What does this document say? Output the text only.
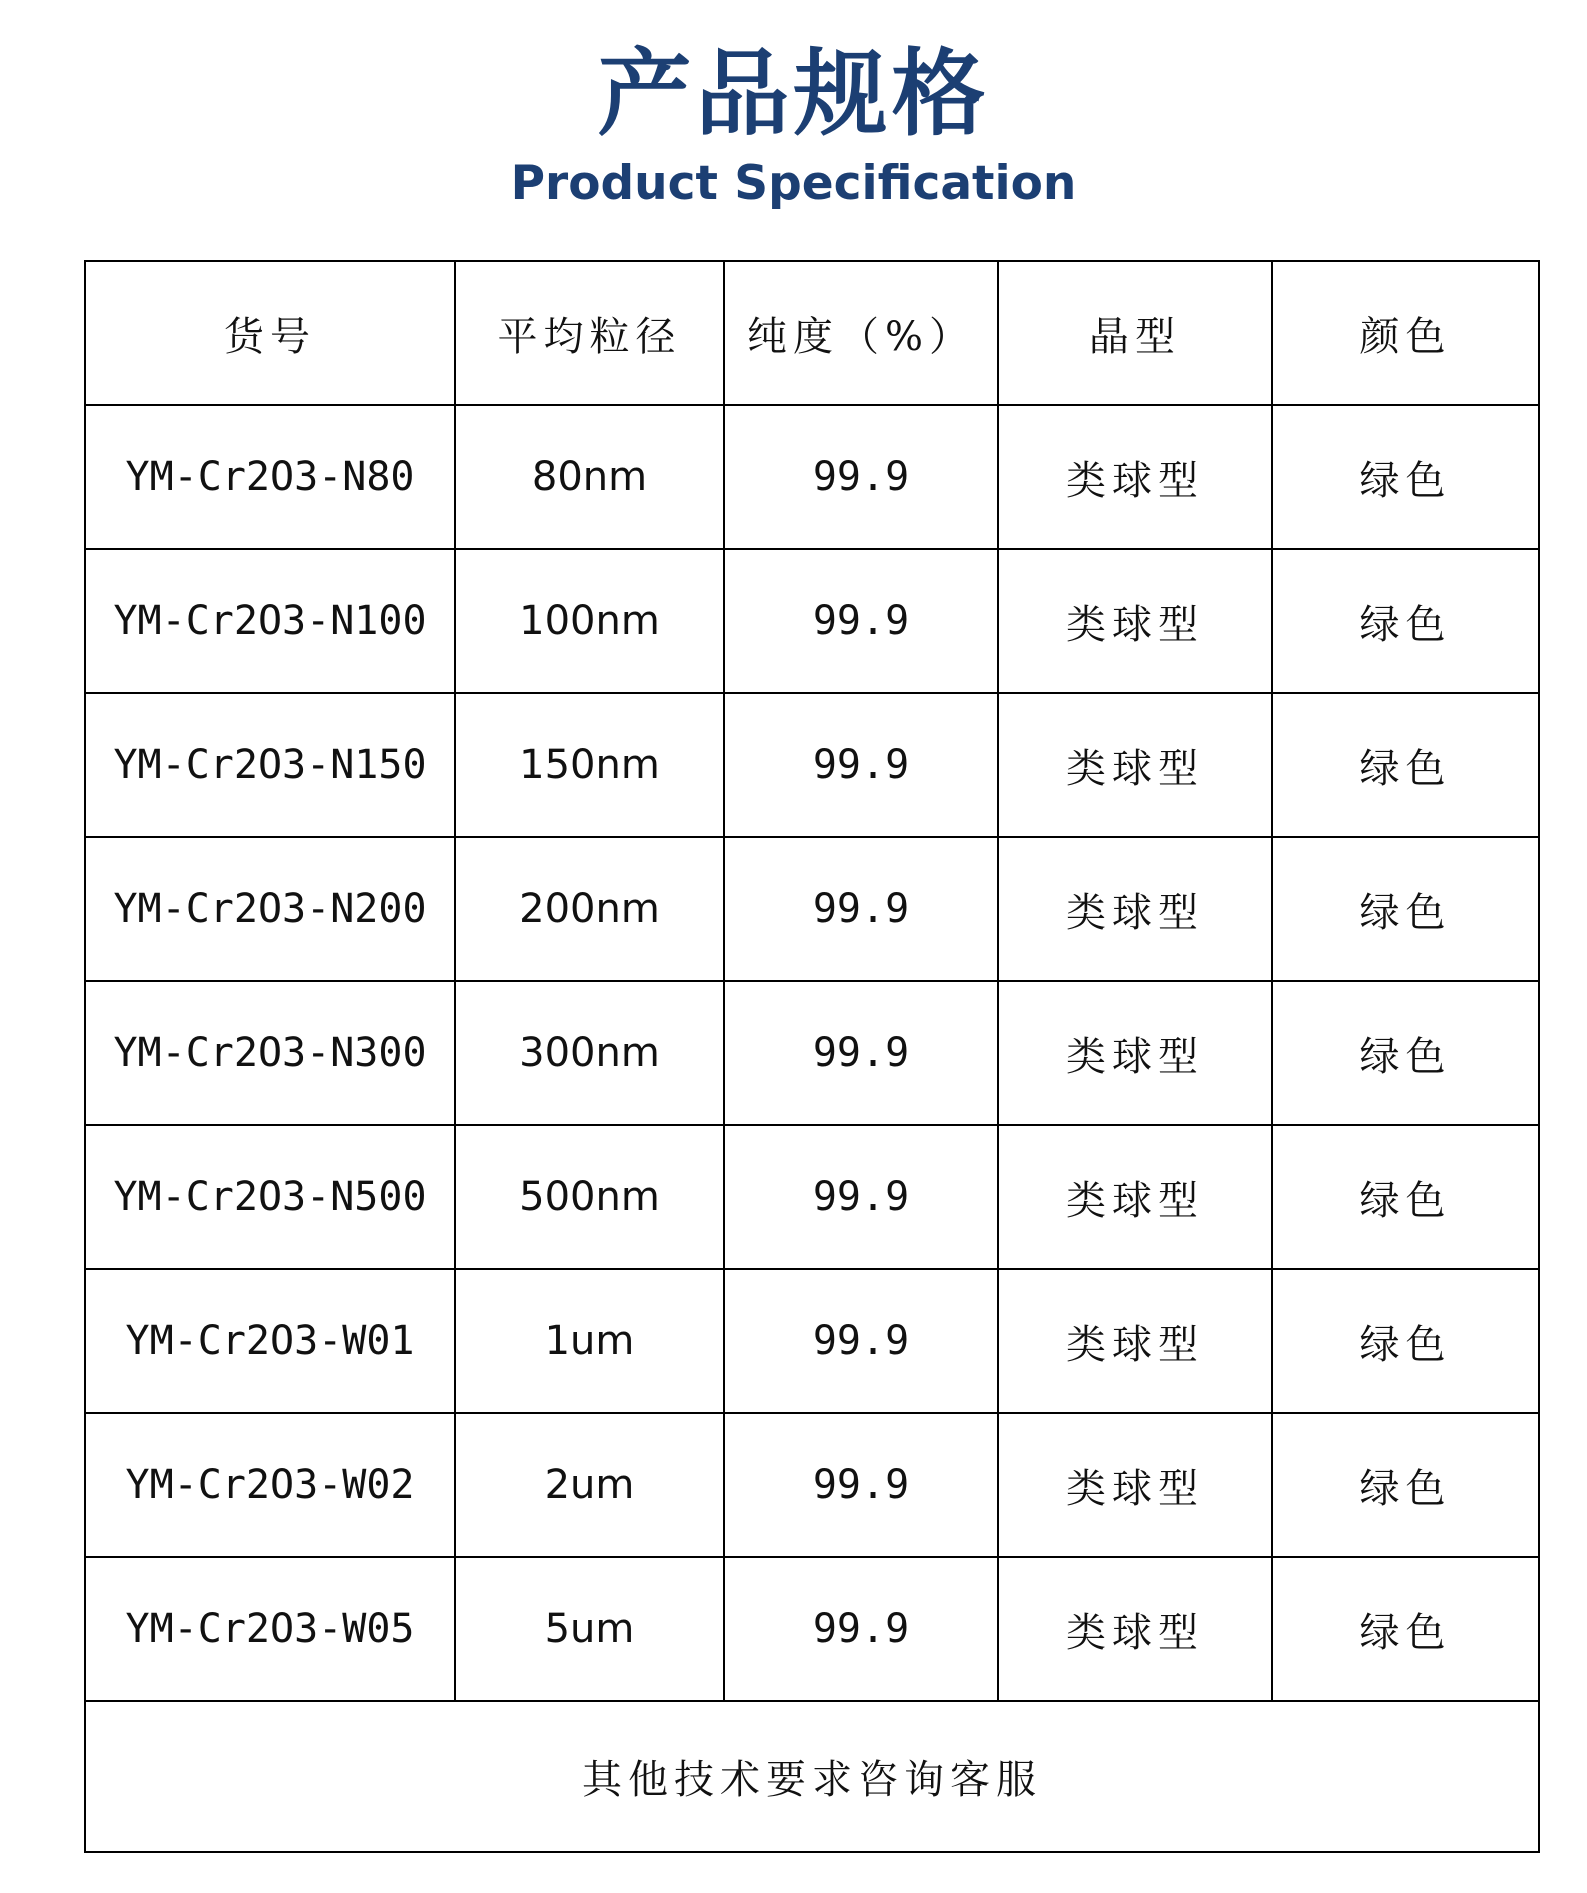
产品规格
Product Specification
货号	平均粒径	纯度（%）	晶型	颜色
YM-Cr2O3-N80	80nm	99.9	类球型	绿色
YM-Cr2O3-N100	100nm	99.9	类球型	绿色
YM-Cr2O3-N150	150nm	99.9	类球型	绿色
YM-Cr2O3-N200	200nm	99.9	类球型	绿色
YM-Cr2O3-N300	300nm	99.9	类球型	绿色
YM-Cr2O3-N500	500nm	99.9	类球型	绿色
YM-Cr2O3-W01	1um	99.9	类球型	绿色
YM-Cr2O3-W02	2um	99.9	类球型	绿色
YM-Cr2O3-W05	5um	99.9	类球型	绿色
其他技术要求咨询客服				
